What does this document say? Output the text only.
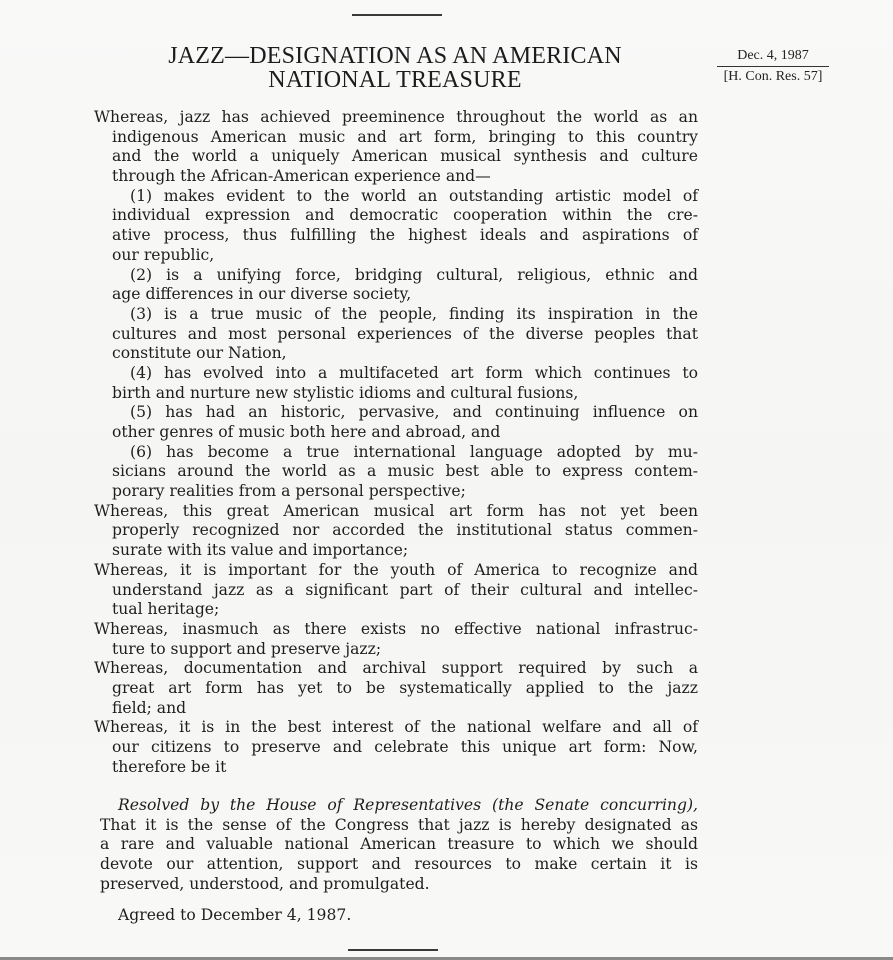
JAZZ—DESIGNATION AS AN AMERICAN
NATIONAL TREASURE
Dec. 4, 1987
[H. Con. Res. 57]
Whereas, jazz has achieved preeminence throughout the world as an
indigenous American music and art form, bringing to this country
and the world a uniquely American musical synthesis and culture
through the African-American experience and—
(1) makes evident to the world an outstanding artistic model of
individual expression and democratic cooperation within the cre-
ative process, thus fulfilling the highest ideals and aspirations of
our republic,
(2) is a unifying force, bridging cultural, religious, ethnic and
age differences in our diverse society,
(3) is a true music of the people, finding its inspiration in the
cultures and most personal experiences of the diverse peoples that
constitute our Nation,
(4) has evolved into a multifaceted art form which continues to
birth and nurture new stylistic idioms and cultural fusions,
(5) has had an historic, pervasive, and continuing influence on
other genres of music both here and abroad, and
(6) has become a true international language adopted by mu-
sicians around the world as a music best able to express contem-
porary realities from a personal perspective;
Whereas, this great American musical art form has not yet been
properly recognized nor accorded the institutional status commen-
surate with its value and importance;
Whereas, it is important for the youth of America to recognize and
understand jazz as a significant part of their cultural and intellec-
tual heritage;
Whereas, inasmuch as there exists no effective national infrastruc-
ture to support and preserve jazz;
Whereas, documentation and archival support required by such a
great art form has yet to be systematically applied to the jazz
field; and
Whereas, it is in the best interest of the national welfare and all of
our citizens to preserve and celebrate this unique art form: Now,
therefore be it
Resolved by the House of Representatives (the Senate concurring),
That it is the sense of the Congress that jazz is hereby designated as
a rare and valuable national American treasure to which we should
devote our attention, support and resources to make certain it is
preserved, understood, and promulgated.
Agreed to December 4, 1987.
